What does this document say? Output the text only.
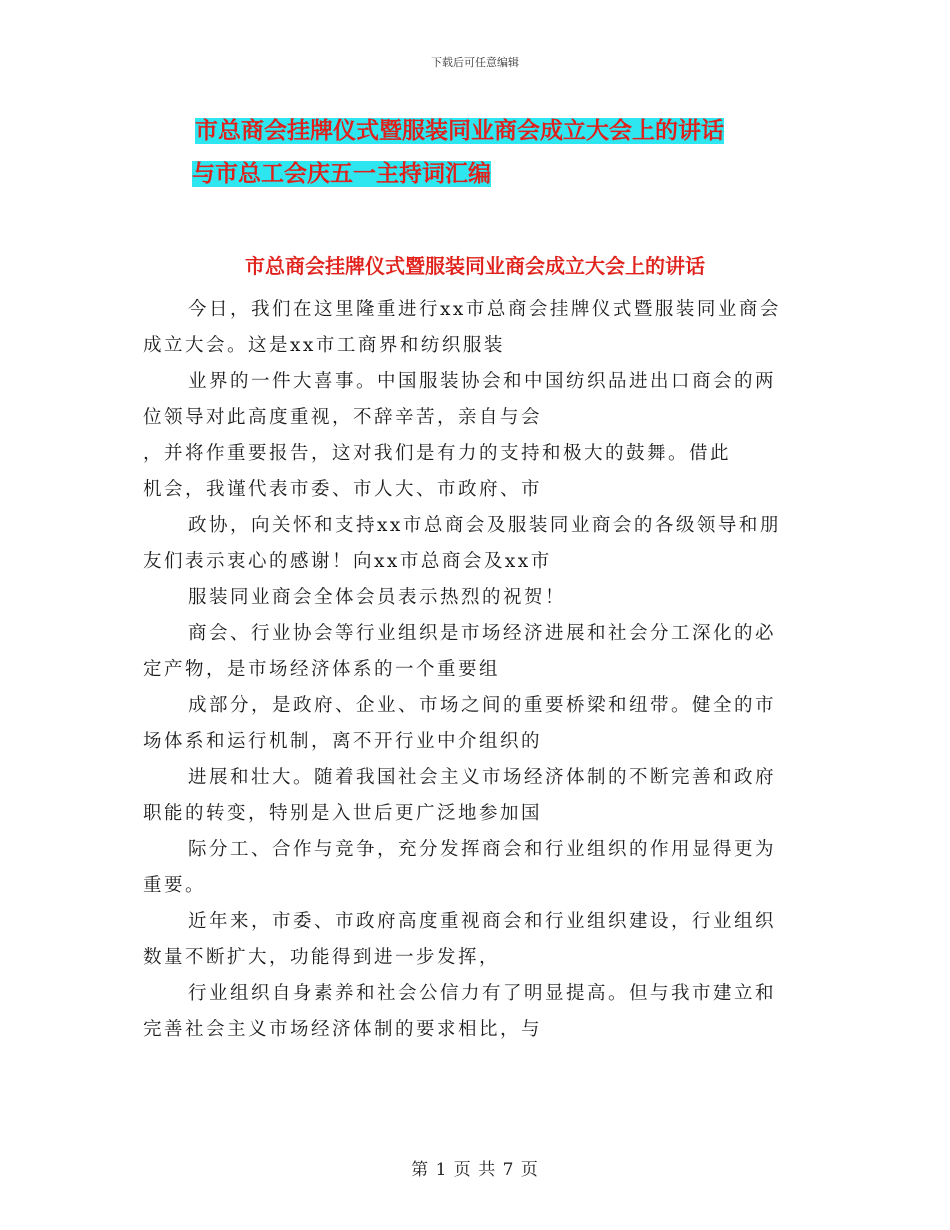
下载后可任意编辑
市总商会挂牌仪式暨服装同业商会成立大会上的讲话
与市总工会庆五一主持词汇编
市总商会挂牌仪式暨服装同业商会成立大会上的讲话
今日，我们在这里隆重进行xx市总商会挂牌仪式暨服装同业商会
成立大会。这是xx市工商界和纺织服装
业界的一件大喜事。中国服装协会和中国纺织品进出口商会的两
位领导对此高度重视，不辞辛苦，亲自与会
，并将作重要报告，这对我们是有力的支持和极大的鼓舞。借此
机会，我谨代表市委、市人大、市政府、市
政协，向关怀和支持xx市总商会及服装同业商会的各级领导和朋
友们表示衷心的感谢！向xx市总商会及xx市
服装同业商会全体会员表示热烈的祝贺！
商会、行业协会等行业组织是市场经济进展和社会分工深化的必
定产物，是市场经济体系的一个重要组
成部分，是政府、企业、市场之间的重要桥梁和纽带。健全的市
场体系和运行机制，离不开行业中介组织的
进展和壮大。随着我国社会主义市场经济体制的不断完善和政府
职能的转变，特别是入世后更广泛地参加国
际分工、合作与竞争，充分发挥商会和行业组织的作用显得更为
重要。
近年来，市委、市政府高度重视商会和行业组织建设，行业组织
数量不断扩大，功能得到进一步发挥，
行业组织自身素养和社会公信力有了明显提高。但与我市建立和
完善社会主义市场经济体制的要求相比，与
第 1 页 共 7 页
